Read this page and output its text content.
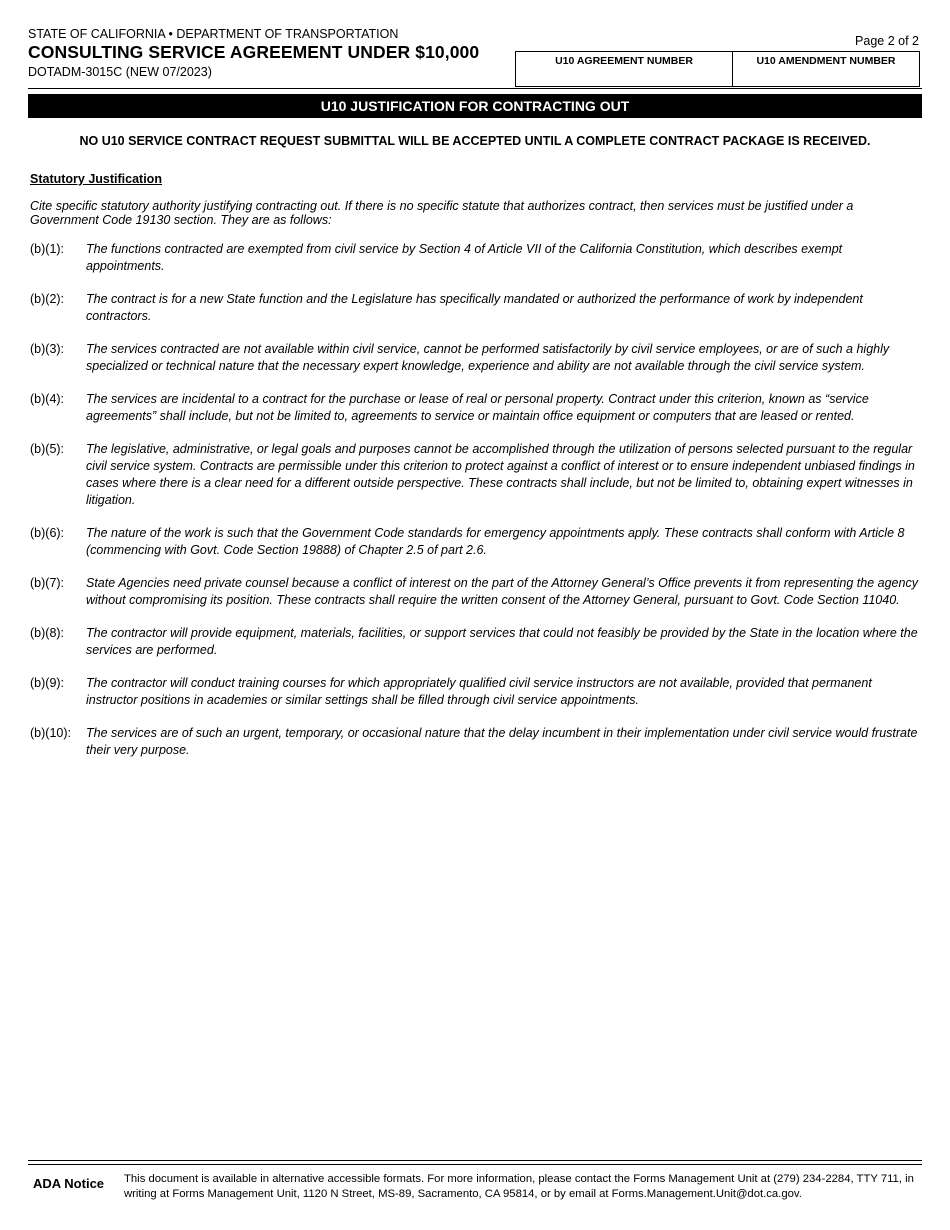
STATE OF CALIFORNIA • DEPARTMENT OF TRANSPORTATION
CONSULTING SERVICE AGREEMENT UNDER $10,000
DOTADM-3015C (NEW 07/2023)
Page 2 of 2
U10 AGREEMENT NUMBER	U10 AMENDMENT NUMBER
U10 JUSTIFICATION FOR CONTRACTING OUT
NO U10 SERVICE CONTRACT REQUEST SUBMITTAL WILL BE ACCEPTED UNTIL A COMPLETE CONTRACT PACKAGE IS RECEIVED.
Statutory Justification
Cite specific statutory authority justifying contracting out. If there is no specific statute that authorizes contract, then services must be justified under a Government Code 19130 section. They are as follows:
(b)(1):	The functions contracted are exempted from civil service by Section 4 of Article VII of the California Constitution, which describes exempt appointments.
(b)(2):	The contract is for a new State function and the Legislature has specifically mandated or authorized the performance of work by independent contractors.
(b)(3):	The services contracted are not available within civil service, cannot be performed satisfactorily by civil service employees, or are of such a highly specialized or technical nature that the necessary expert knowledge, experience and ability are not available through the civil service system.
(b)(4):	The services are incidental to a contract for the purchase or lease of real or personal property. Contract under this criterion, known as “service agreements” shall include, but not be limited to, agreements to service or maintain office equipment or computers that are leased or rented.
(b)(5):	The legislative, administrative, or legal goals and purposes cannot be accomplished through the utilization of persons selected pursuant to the regular civil service system. Contracts are permissible under this criterion to protect against a conflict of interest or to ensure independent unbiased findings in cases where there is a clear need for a different outside perspective. These contracts shall include, but not be limited to, obtaining expert witnesses in litigation.
(b)(6):	The nature of the work is such that the Government Code standards for emergency appointments apply. These contracts shall conform with Article 8 (commencing with Govt. Code Section 19888) of Chapter 2.5 of part 2.6.
(b)(7):	State Agencies need private counsel because a conflict of interest on the part of the Attorney General’s Office prevents it from representing the agency without compromising its position. These contracts shall require the written consent of the Attorney General, pursuant to Govt. Code Section 11040.
(b)(8):	The contractor will provide equipment, materials, facilities, or support services that could not feasibly be provided by the State in the location where the services are performed.
(b)(9):	The contractor will conduct training courses for which appropriately qualified civil service instructors are not available, provided that permanent instructor positions in academies or similar settings shall be filled through civil service appointments.
(b)(10):	The services are of such an urgent, temporary, or occasional nature that the delay incumbent in their implementation under civil service would frustrate their very purpose.
ADA Notice This document is available in alternative accessible formats. For more information, please contact the Forms Management Unit at (279) 234-2284, TTY 711, in writing at Forms Management Unit, 1120 N Street, MS-89, Sacramento, CA 95814, or by email at Forms.Management.Unit@dot.ca.gov.
